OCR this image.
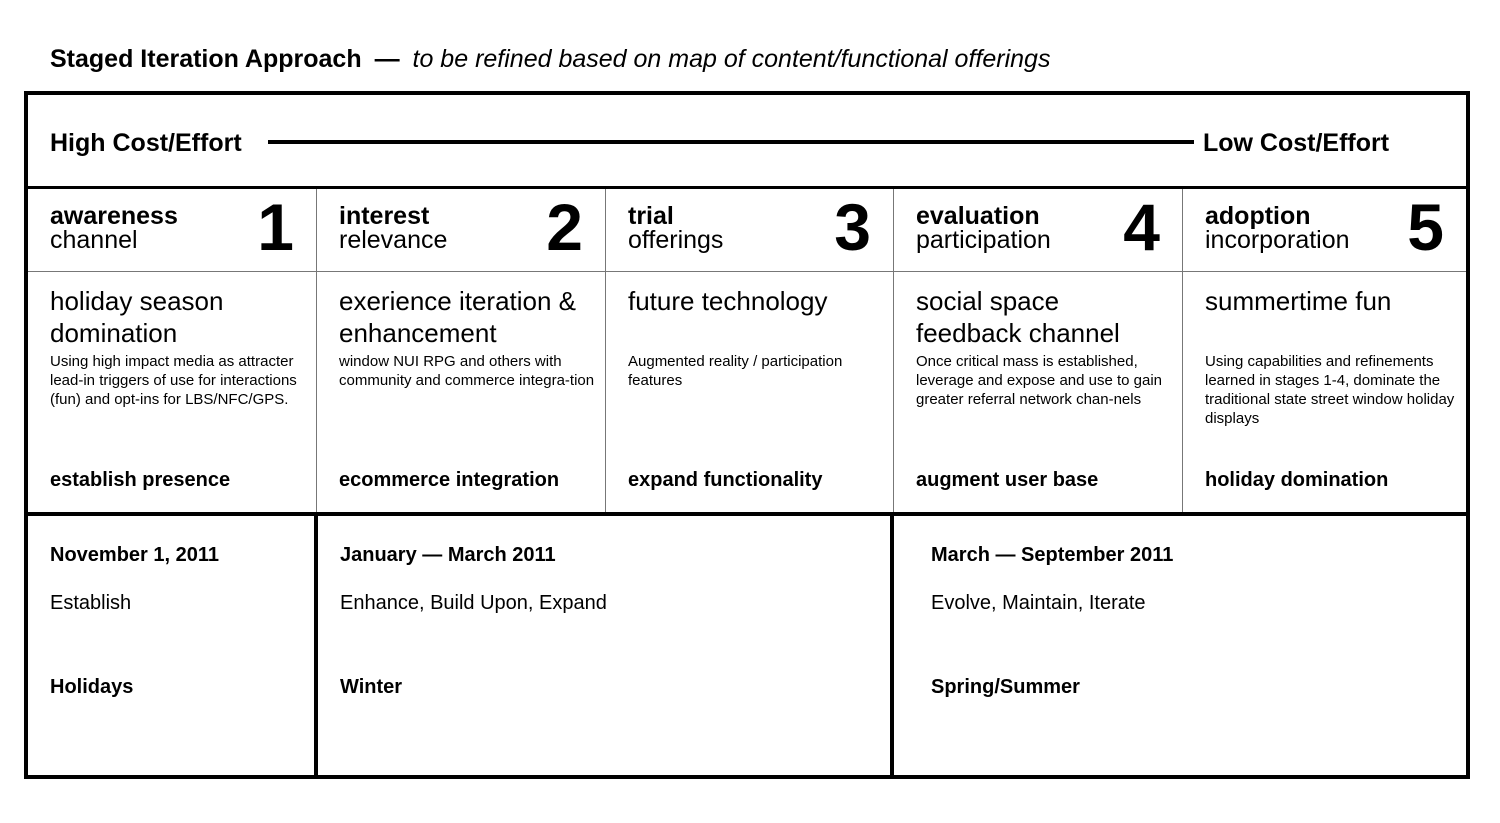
Staged Iteration Approach — to be refined based on map of content/functional offerings
High Cost/Effort	Low Cost/Effort
awareness
channel 1
holiday season domination
Using high impact media as attracter lead-in triggers of use for interactions (fun) and opt-ins for LBS/NFC/GPS.
establish presence
interest
relevance 2
exerience iteration & enhancement
window NUI RPG and others with community and commerce integra-tion
ecommerce integration
trial
offerings 3
future technology
Augmented reality / participation features
expand functionality
evaluation
participation 4
social space feedback channel
Once critical mass is established, leverage and expose and use to gain greater referral network chan-nels
augment user base
adoption
incorporation 5
summertime fun
Using capabilities and refinements learned in stages 1-4, dominate the traditional state street window holiday displays
holiday domination
November 1, 2011
Establish
Holidays
January — March 2011
Enhance, Build Upon, Expand
Winter
March — September 2011
Evolve, Maintain, Iterate
Spring/Summer
